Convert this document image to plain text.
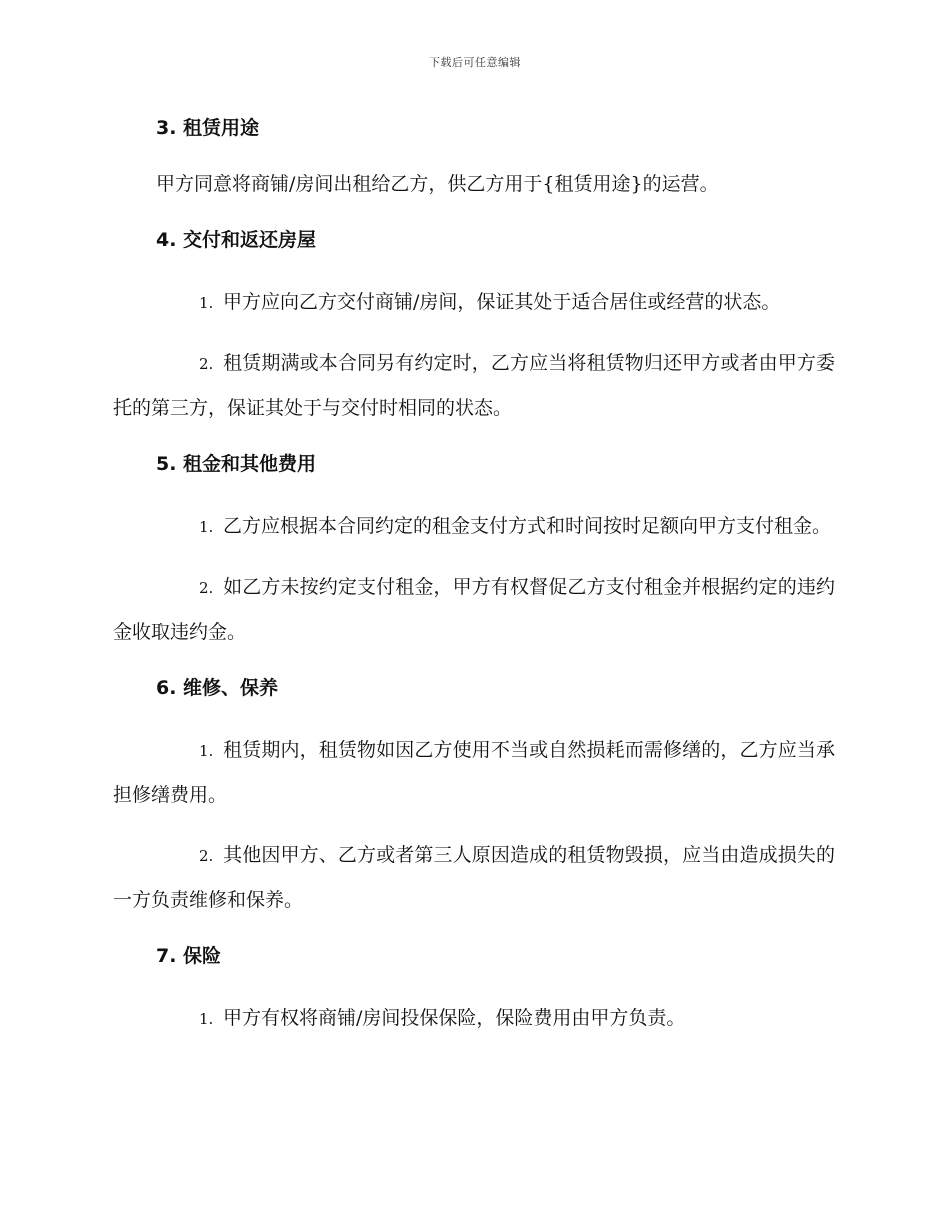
下载后可任意编辑
3. 租赁用途

甲方同意将商铺/房间出租给乙方，供乙方用于{租赁用途}的运营。

4. 交付和返还房屋

1. 甲方应向乙方交付商铺/房间，保证其处于适合居住或经营的状态。

2. 租赁期满或本合同另有约定时，乙方应当将租赁物归还甲方或者由甲方委托的第三方，保证其处于与交付时相同的状态。

5. 租金和其他费用

1. 乙方应根据本合同约定的租金支付方式和时间按时足额向甲方支付租金。

2. 如乙方未按约定支付租金，甲方有权督促乙方支付租金并根据约定的违约金收取违约金。

6. 维修、保养

1. 租赁期内，租赁物如因乙方使用不当或自然损耗而需修缮的，乙方应当承担修缮费用。

2. 其他因甲方、乙方或者第三人原因造成的租赁物毁损，应当由造成损失的一方负责维修和保养。

7. 保险

1. 甲方有权将商铺/房间投保保险，保险费用由甲方负责。
